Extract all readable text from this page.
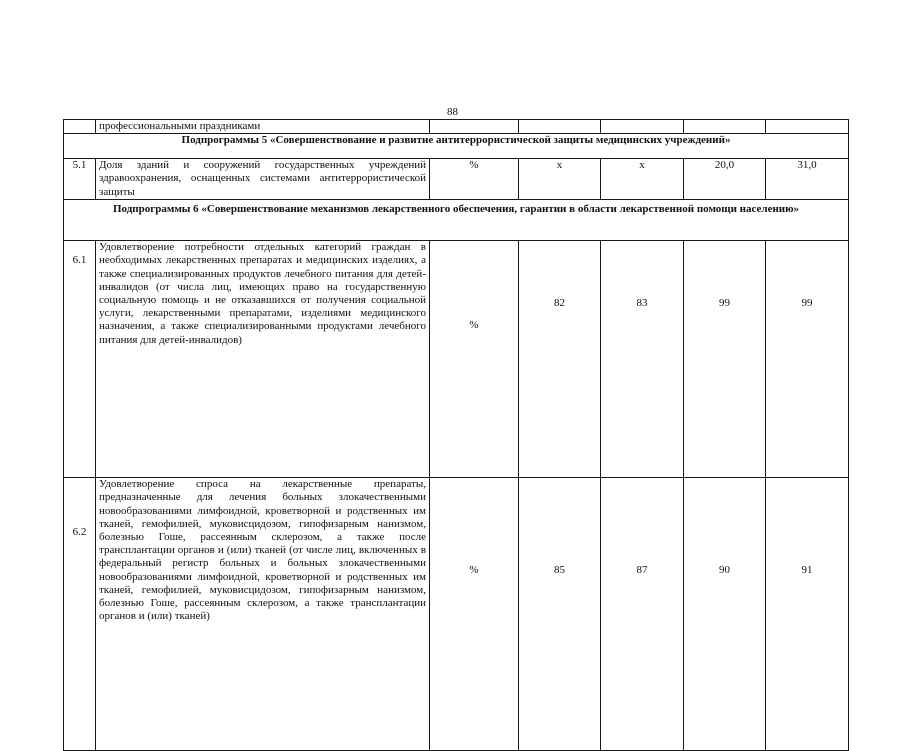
88
	профессиональными праздниками					
Подпрограммы 5 «Совершенствование и развитие антитеррористической защиты медицинских учреждений»						
5.1	Доля зданий и сооружений государственных учреждений здравоохранения, оснащенных системами антитеррористической защиты	%	х	х	20,0	31,0
Подпрограммы 6 «Совершенствование механизмов лекарственного обеспечения, гарантии в области лекарственной помощи населению»						
6.1	Удовлетворение потребности отдельных категорий граждан в необходимых лекарственных препаратах и медицинских изделиях, а также специализированных продуктов лечебного питания для детей-инвалидов (от числа лиц, имеющих право на государственную социальную помощь и не отказавшихся от получения социальной услуги, лекарственными препаратами, изделиями медицинского назначения, а также специализированными продуктами лечебного питания для детей-инвалидов)	%	82	83	99	99
6.2	Удовлетворение спроса на лекарственные препараты, предназначенные для лечения больных злокачественными новообразованиями лимфоидной, кроветворной и родственных им тканей, гемофилией, муковисцидозом, гипофизарным нанизмом, болезнью Гоше, рассеянным склерозом, а также после трансплантации органов и (или) тканей (от числе лиц, включенных в федеральный регистр больных и больных злокачественными новообразованиями лимфоидной, кроветворной и родственных им тканей, гемофилией, муковисцидозом, гипофизарным нанизмом, болезнью Гоше, рассеянным склерозом, а также трансплантации органов и (или) тканей)	%	85	87	90	91
